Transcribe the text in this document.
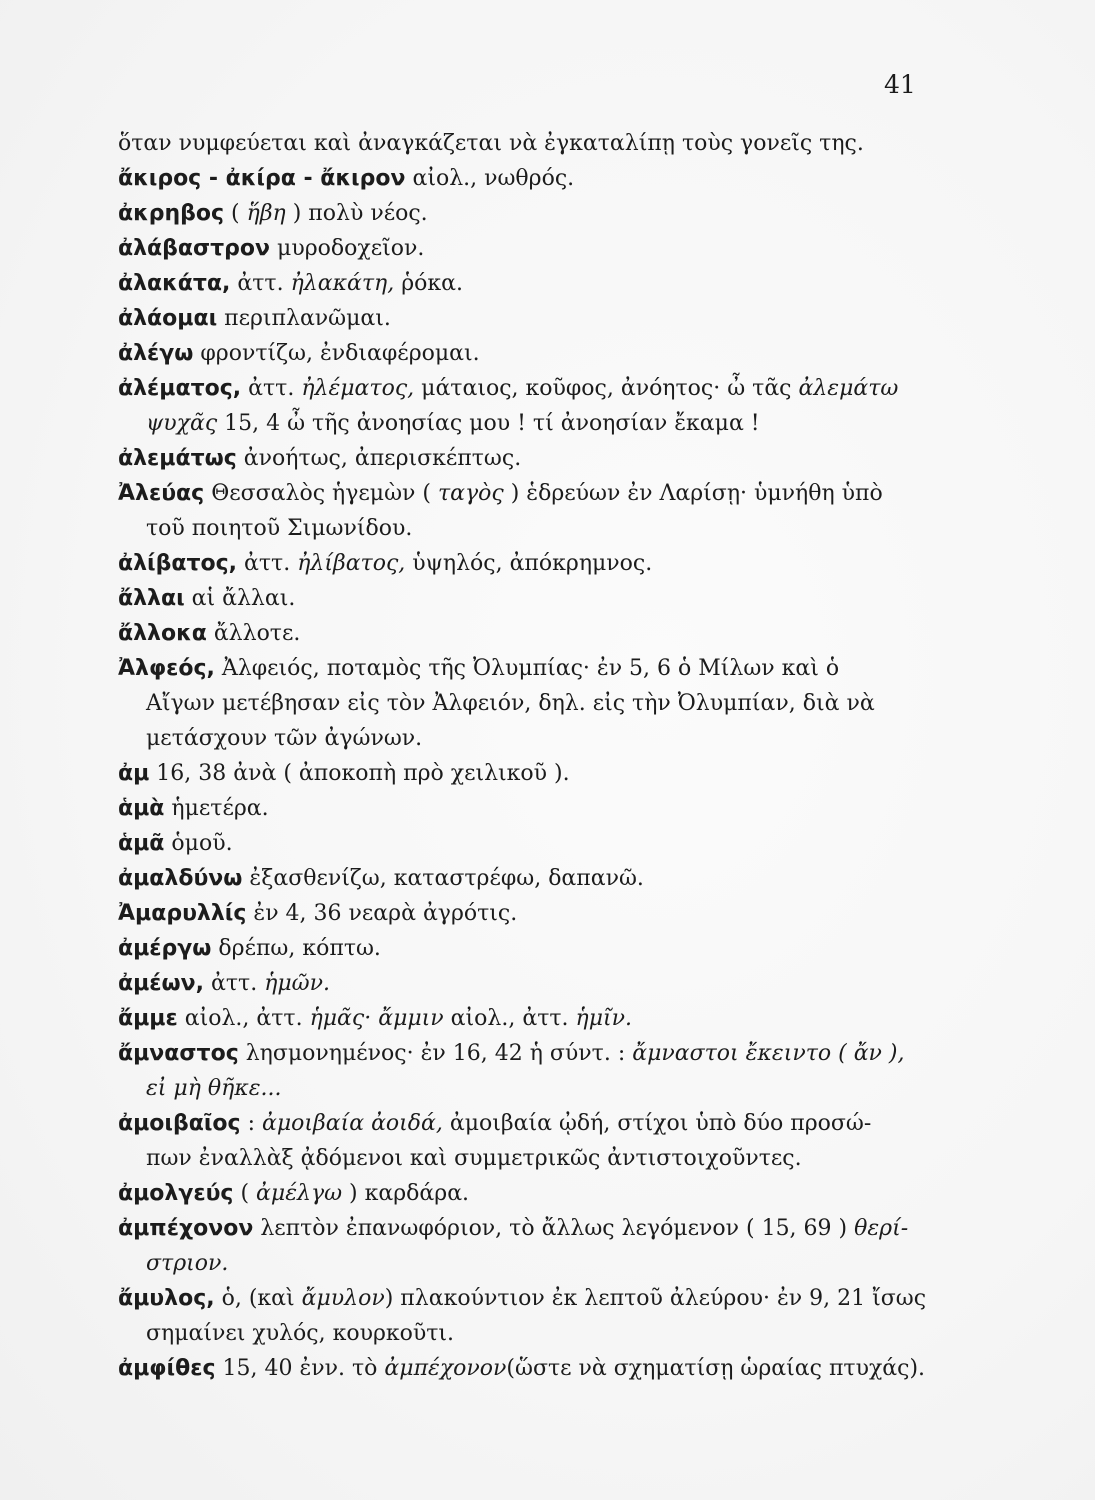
41
ὅταν νυμφεύεται καὶ ἀναγκάζεται νὰ ἐγκαταλίπῃ τοὺς γονεῖς της.
ἄκιρος - ἀκίρα - ἄκιρον αἰολ., νωθρός.
ἀκρηβος ( ἥβη ) πολὺ νέος.
ἀλάβαστρον μυροδοχεῖον.
ἀλακάτα, ἀττ. ἠλακάτη, ῥόκα.
ἀλάομαι περιπλανῶμαι.
ἀλέγω φροντίζω, ἐνδιαφέρομαι.
ἀλέματος, ἀττ. ἠλέματος, μάταιος, κοῦφος, ἀνόητος· ὦ τᾶς ἀλεμάτω
ψυχᾶς 15, 4 ὦ τῆς ἀνοησίας μου ! τί ἀνοησίαν ἔκαμα !
ἀλεμάτως ἀνοήτως, ἀπερισκέπτως.
Ἀλεύας Θεσσαλὸς ἡγεμὼν ( ταγὸς ) ἑδρεύων ἐν Λαρίσῃ· ὑμνήθη ὑπὸ
τοῦ ποιητοῦ Σιμωνίδου.
ἀλίβατος, ἀττ. ἠλίβατος, ὑψηλός, ἀπόκρημνος.
ἄλλαι αἱ ἄλλαι.
ἄλλοκα ἄλλοτε.
Ἀλφεός, Ἀλφειός, ποταμὸς τῆς Ὀλυμπίας· ἐν 5, 6 ὁ Μίλων καὶ ὁ
Αἴγων μετέβησαν εἰς τὸν Ἀλφειόν, δηλ. εἰς τὴν Ὀλυμπίαν, διὰ νὰ
μετάσχουν τῶν ἀγώνων.
ἀμ 16, 38 ἀνὰ ( ἀποκοπὴ πρὸ χειλικοῦ ).
ἁμὰ ἡμετέρα.
ἁμᾶ ὁμοῦ.
ἀμαλδύνω ἐξασθενίζω, καταστρέφω, δαπανῶ.
Ἀμαρυλλίς ἐν 4, 36 νεαρὰ ἀγρότις.
ἀμέργω δρέπω, κόπτω.
ἀμέων, ἀττ. ἡμῶν.
ἄμμε αἰολ., ἀττ. ἡμᾶς· ἄμμιν αἰολ., ἀττ. ἡμῖν.
ἄμναστος λησμονημένος· ἐν 16, 42 ἡ σύντ. : ἄμναστοι ἔκειντο ( ἄν ),
εἰ μὴ θῆκε...
ἀμοιβαῖος : ἀμοιβαία ἀοιδά, ἀμοιβαία ᾠδή, στίχοι ὑπὸ δύο προσώ-
πων ἐναλλὰξ ᾀδόμενοι καὶ συμμετρικῶς ἀντιστοιχοῦντες.
ἀμολγεύς ( ἀμέλγω ) καρδάρα.
ἀμπέχονον λεπτὸν ἐπανωφόριον, τὸ ἄλλως λεγόμενον ( 15, 69 ) θερί-
στριον.
ἄμυλος, ὁ, (καὶ ἄμυλον) πλακούντιον ἐκ λεπτοῦ ἀλεύρου· ἐν 9, 21 ἴσως
σημαίνει χυλός, κουρκοῦτι.
ἀμφίθες 15, 40 ἐνν. τὸ ἀμπέχονον(ὥστε νὰ σχηματίσῃ ὡραίας πτυχάς).
